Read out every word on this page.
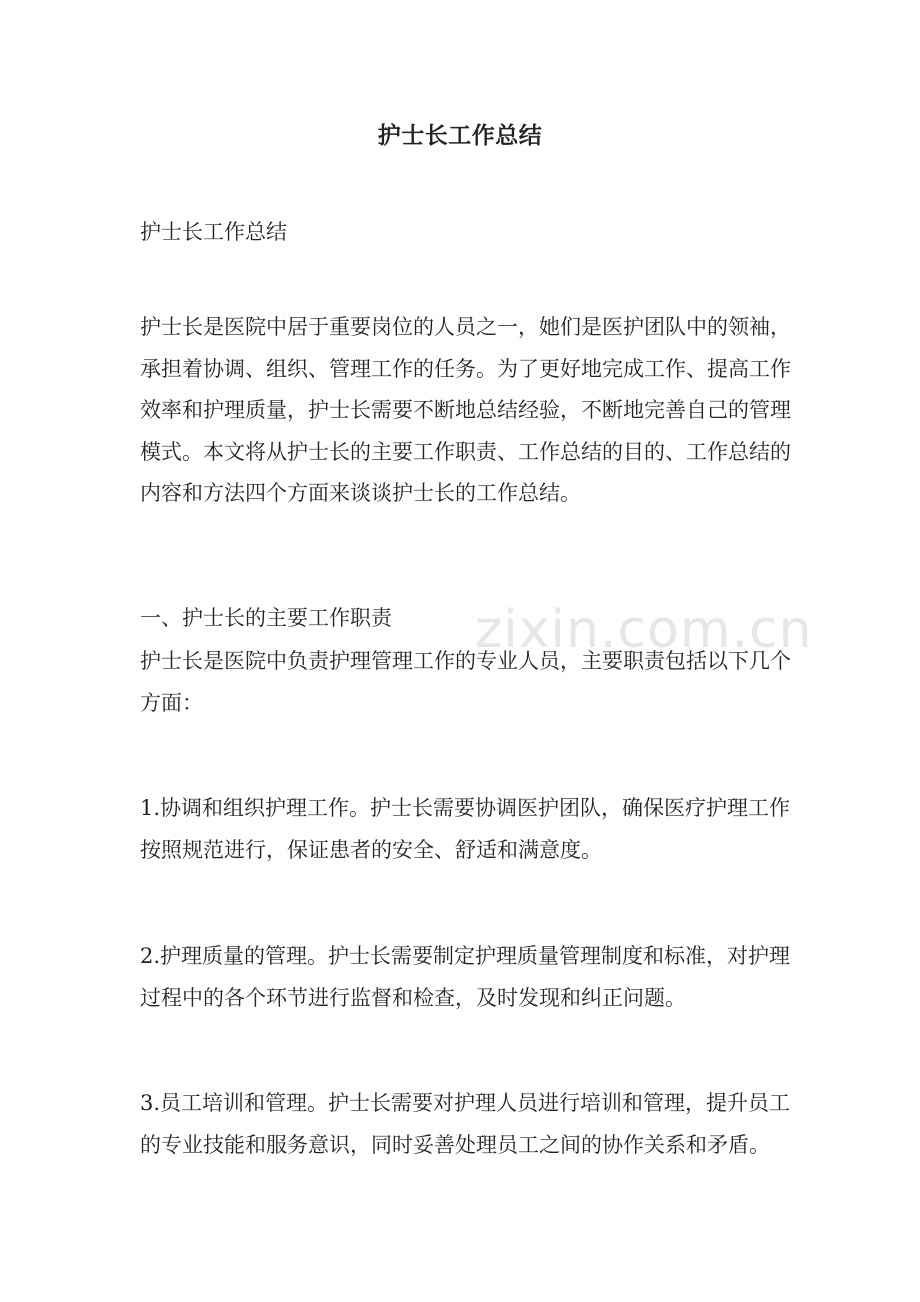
护士长工作总结

护士长工作总结

护士长是医院中居于重要岗位的人员之一，她们是医护团队中的领袖，承担着协调、组织、管理工作的任务。为了更好地完成工作、提高工作效率和护理质量，护士长需要不断地总结经验，不断地完善自己的管理模式。本文将从护士长的主要工作职责、工作总结的目的、工作总结的内容和方法四个方面来谈谈护士长的工作总结。

一、护士长的主要工作职责

护士长是医院中负责护理管理工作的专业人员，主要职责包括以下几个方面：

1.协调和组织护理工作。护士长需要协调医护团队，确保医疗护理工作按照规范进行，保证患者的安全、舒适和满意度。

2.护理质量的管理。护士长需要制定护理质量管理制度和标准，对护理过程中的各个环节进行监督和检查，及时发现和纠正问题。

3.员工培训和管理。护士长需要对护理人员进行培训和管理，提升员工的专业技能和服务意识，同时妥善处理员工之间的协作关系和矛盾。

zixin.com.cn
